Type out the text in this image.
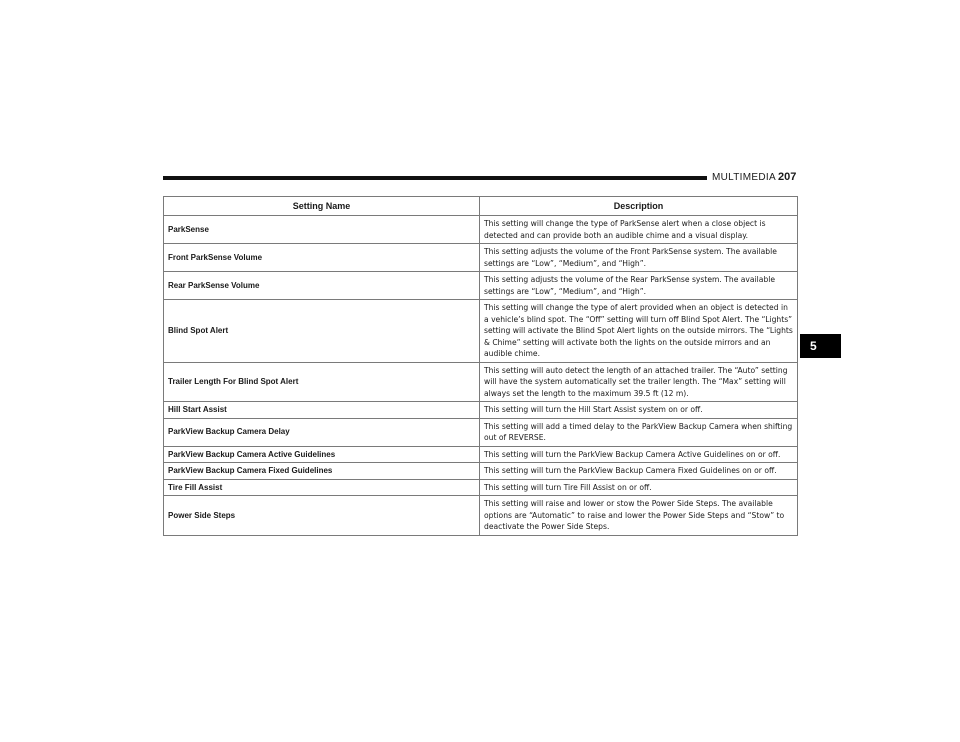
MULTIMEDIA 207
5
Setting Name	Description
ParkSense	This setting will change the type of ParkSense alert when a close object is detected and can provide both an audible chime and a visual display.
Front ParkSense Volume	This setting adjusts the volume of the Front ParkSense system. The available settings are “Low”, “Medium”, and “High”.
Rear ParkSense Volume	This setting adjusts the volume of the Rear ParkSense system. The available settings are “Low”, “Medium”, and “High”.
Blind Spot Alert	This setting will change the type of alert provided when an object is detected in a vehicle’s blind spot. The “Off” setting will turn off Blind Spot Alert. The “Lights” setting will activate the Blind Spot Alert lights on the outside mirrors. The “Lights & Chime” setting will activate both the lights on the outside mirrors and an audible chime.
Trailer Length For Blind Spot Alert	This setting will auto detect the length of an attached trailer. The “Auto” setting will have the system automatically set the trailer length. The “Max” setting will always set the length to the maximum 39.5 ft (12 m).
Hill Start Assist	This setting will turn the Hill Start Assist system on or off.
ParkView Backup Camera Delay	This setting will add a timed delay to the ParkView Backup Camera when shifting out of REVERSE.
ParkView Backup Camera Active Guidelines	This setting will turn the ParkView Backup Camera Active Guidelines on or off.
ParkView Backup Camera Fixed Guidelines	This setting will turn the ParkView Backup Camera Fixed Guidelines on or off.
Tire Fill Assist	This setting will turn Tire Fill Assist on or off.
Power Side Steps	This setting will raise and lower or stow the Power Side Steps. The available options are “Automatic” to raise and lower the Power Side Steps and “Stow” to deactivate the Power Side Steps.
